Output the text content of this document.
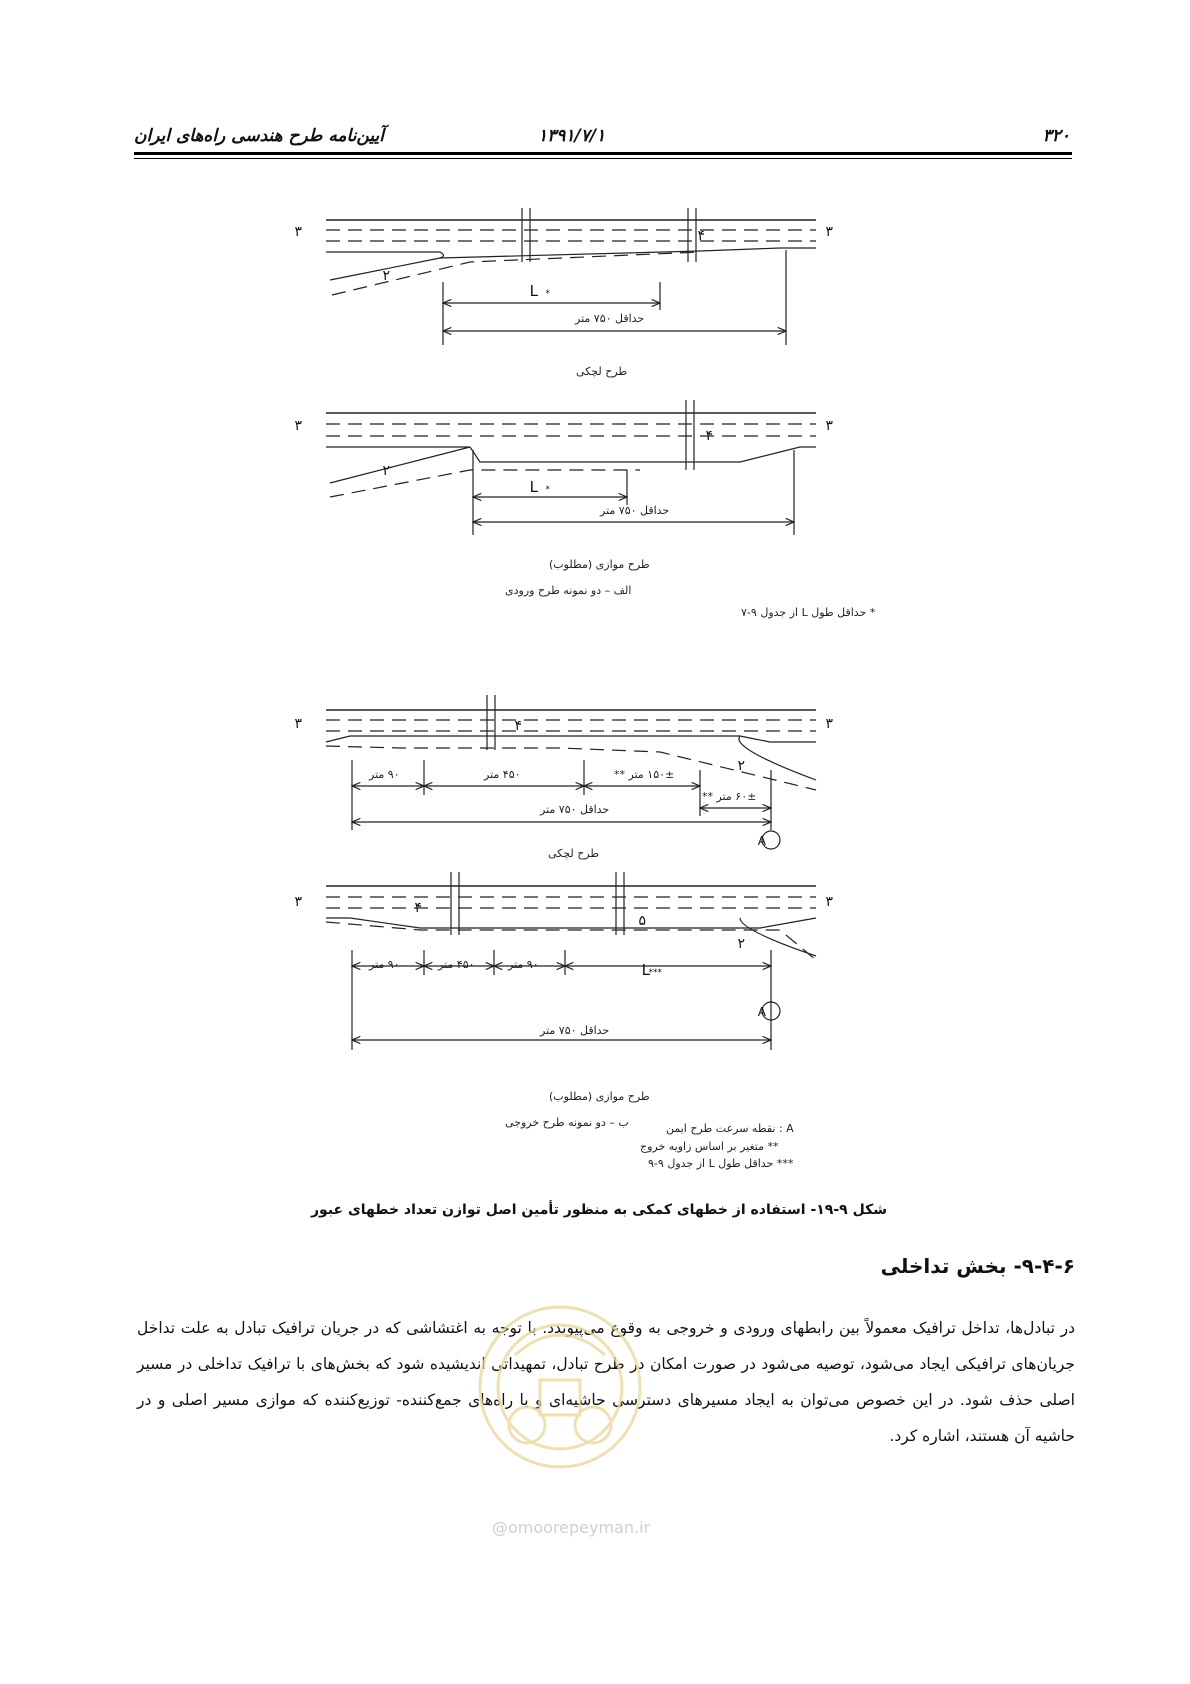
۳۲۰
۱۳۹۱/۷/۱
آیین‌نامه طرح هندسی راه‌های ایران
۳	۳
۴
۲
L *
۳	۳
۴
۲
L *
۳	۳
۴
۲
A
۳	۳
۴
۵
۲
L
***
A
حداقل ۷۵۰ متر
طرح لچکی
حداقل ۷۵۰ متر
طرح موازی (مطلوب)
الف – دو نمونه طرح ورودی
* حداقل طول L از جدول ۹-۷
۹۰ متر	۴۵۰ متر	۱۵۰± متر **
۶۰± متر **
حداقل ۷۵۰ متر
طرح لچکی
۹۰ متر	۴۵۰ متر	۹۰ متر
حداقل ۷۵۰ متر
طرح موازی (مطلوب)
ب – دو نمونه طرح خروجی	A : نقطه سرعت طرح ایمن
** متغیر بر اساس زاویه خروج
*** حداقل طول L از جدول ۹-۹
شکل ۹-۱۹- استفاده از خطهای کمکی به منظور تأمین اصل توازن تعداد خطهای عبور
۹-۴-۶- بخش تداخلی
در تبادل‌ها، تداخل ترافیک معمولاً بین رابطهای ورودی و خروجی به وقوع می‌پیوندد. با توجه به اغتشاشی که در جریان ترافیک تبادل به علت تداخل جریان‌های ترافیکی ایجاد می‌شود، توصیه می‌شود در صورت امکان در طرح تبادل، تمهیداتی اندیشیده شود که بخش‌های با ترافیک تداخلی در مسیر اصلی حذف شود. در این خصوص می‌توان به ایجاد مسیرهای دسترسی حاشیه‌ای و یا راه‌های جمع‌کننده- توزیع‌کننده که موازی مسیر اصلی و در حاشیه آن هستند، اشاره کرد.
@omoorepeyman.ir
